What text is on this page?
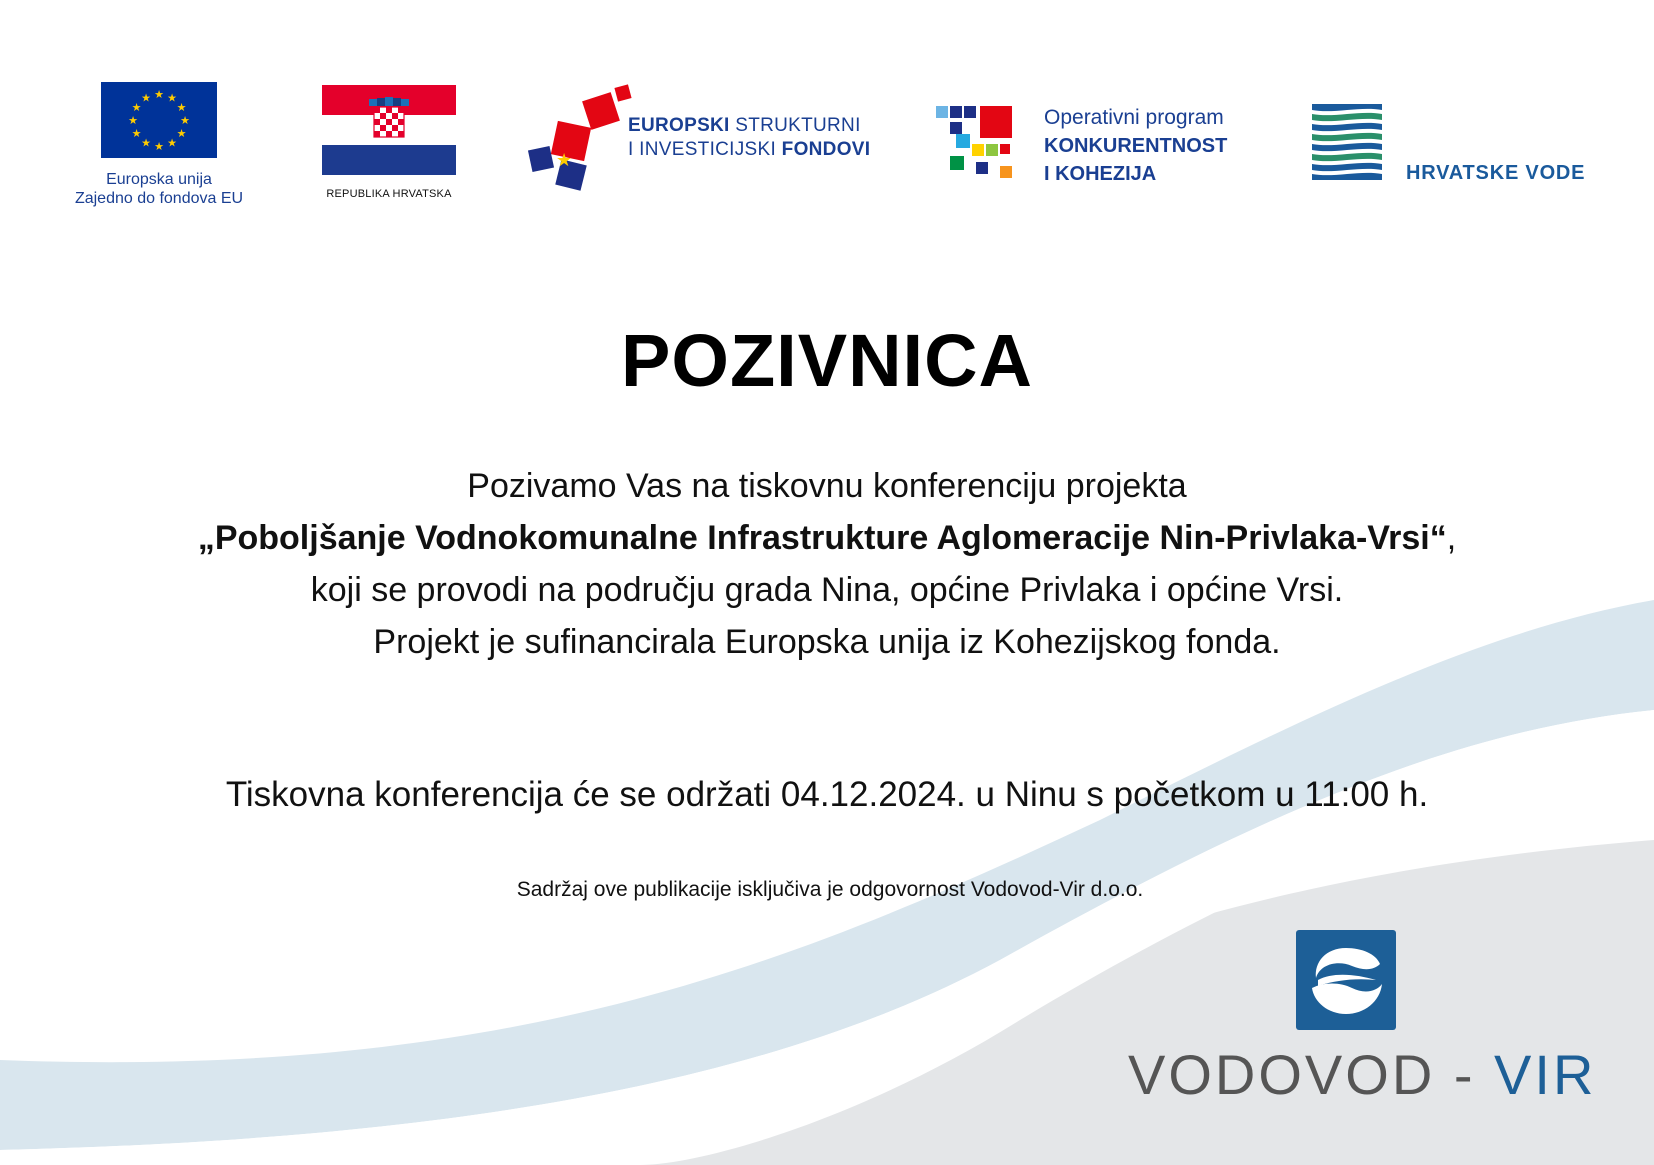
★ ★
★
★
★
★
★
★
★
★
★
★
Europska unija
Zajedno do fondova EU	REPUBLIKA HRVATSKA
★
EUROPSKI STRUKTURNI
I INVESTICIJSKI FONDOVI
Operativni program
KONKURENTNOST
I KOHEZIJA	HRVATSKE VODE
POZIVNICA
Pozivamo Vas na tiskovnu konferenciju projekta
„Poboljšanje Vodnokomunalne Infrastrukture Aglomeracije Nin-Privlaka-Vrsi“,
koji se provodi na području grada Nina, općine Privlaka i općine Vrsi.
Projekt je sufinancirala Europska unija iz Kohezijskog fonda.
Tiskovna konferencija će se održati 04.12.2024. u Ninu s početkom u 11:00 h.
Sadržaj ove publikacije isključiva je odgovornost Vodovod-Vir d.o.o.
VODOVOD - VIR
